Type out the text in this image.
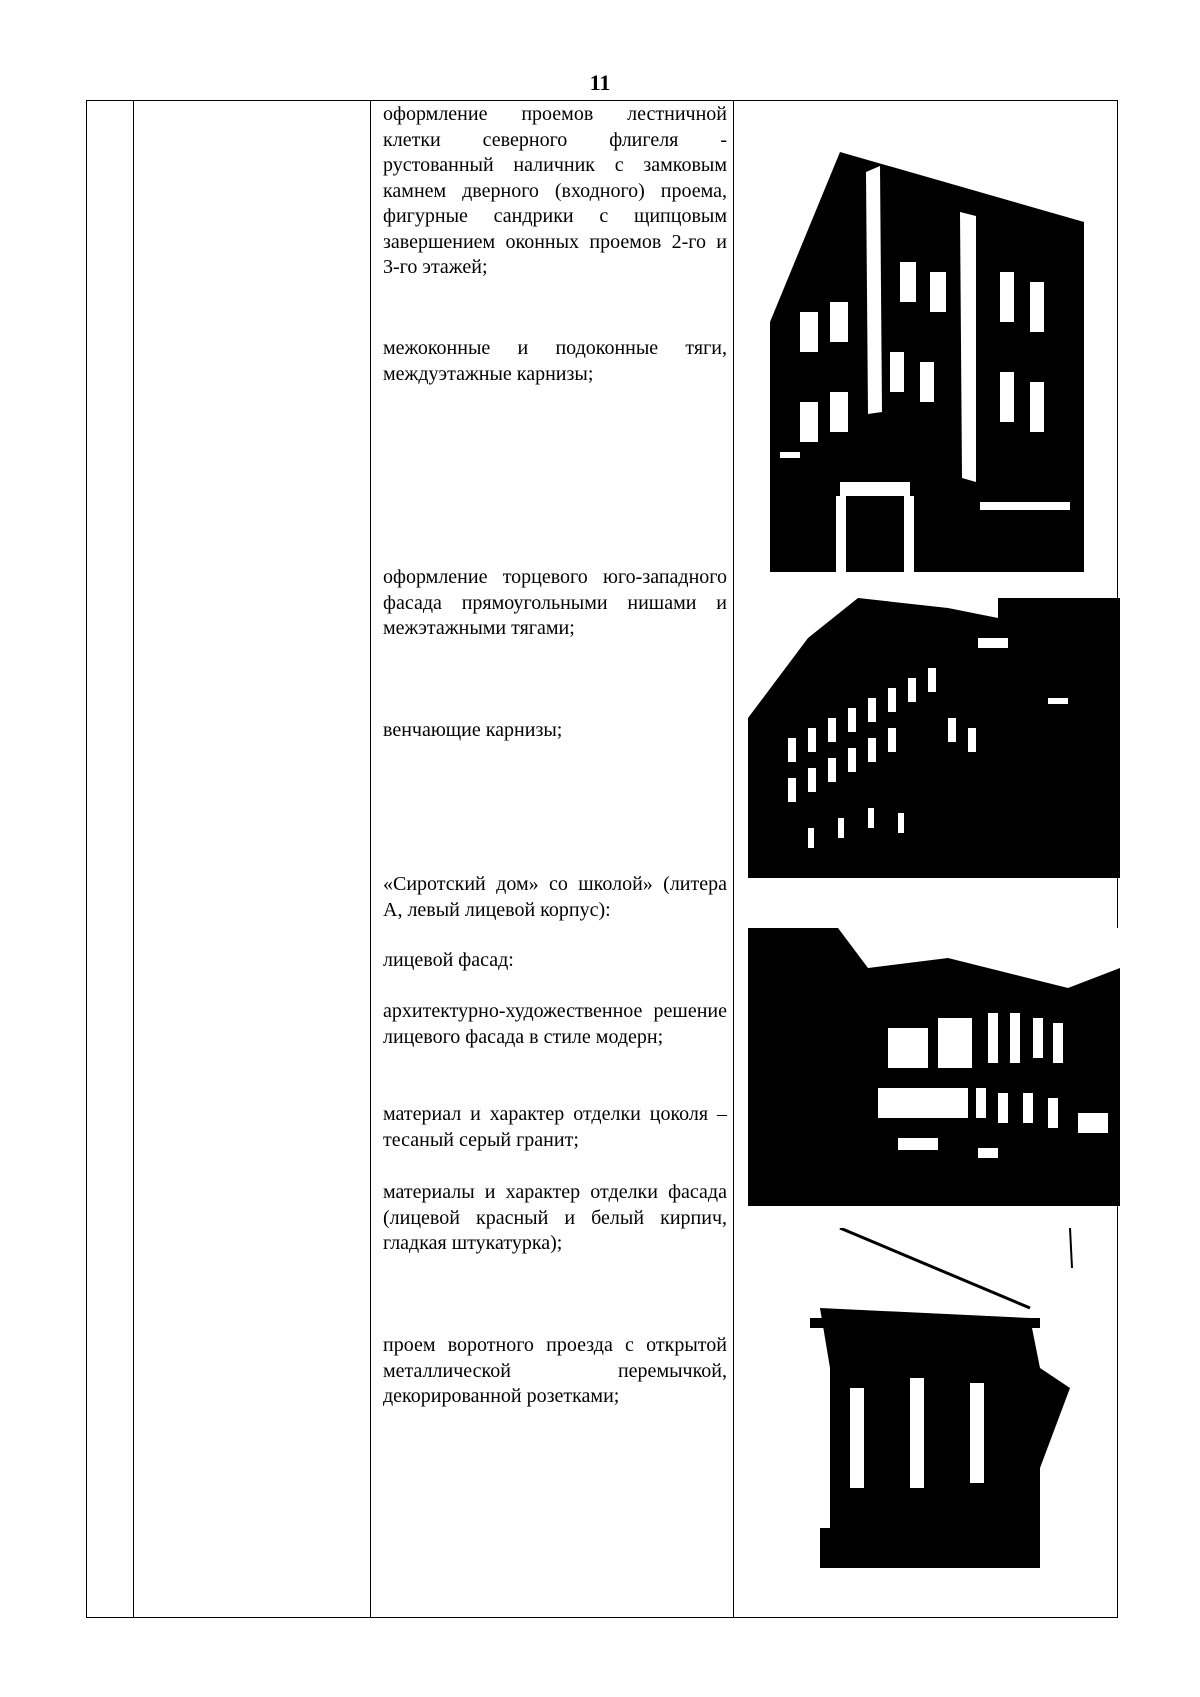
11

оформление проемов лестничной клетки северного флигеля - рустованный наличник с замковым камнем дверного (входного) проема, фигурные сандрики с щипцовым завершением оконных проемов 2-го и 3-го этажей;

межоконные и подоконные тяги, междуэтажные карнизы;

оформление торцевого юго-западного фасада прямоугольными нишами и межэтажными тягами;

венчающие карнизы;

«Сиротский дом» со школой» (литера А, левый лицевой корпус):

лицевой фасад:

архитектурно-художественное решение лицевого фасада в стиле модерн;

материал и характер отделки цоколя – тесаный серый гранит;

материалы и характер отделки фасада (лицевой красный и белый кирпич, гладкая штукатурка);

проем воротного проезда с открытой металлической перемычкой, декорированной розетками;
